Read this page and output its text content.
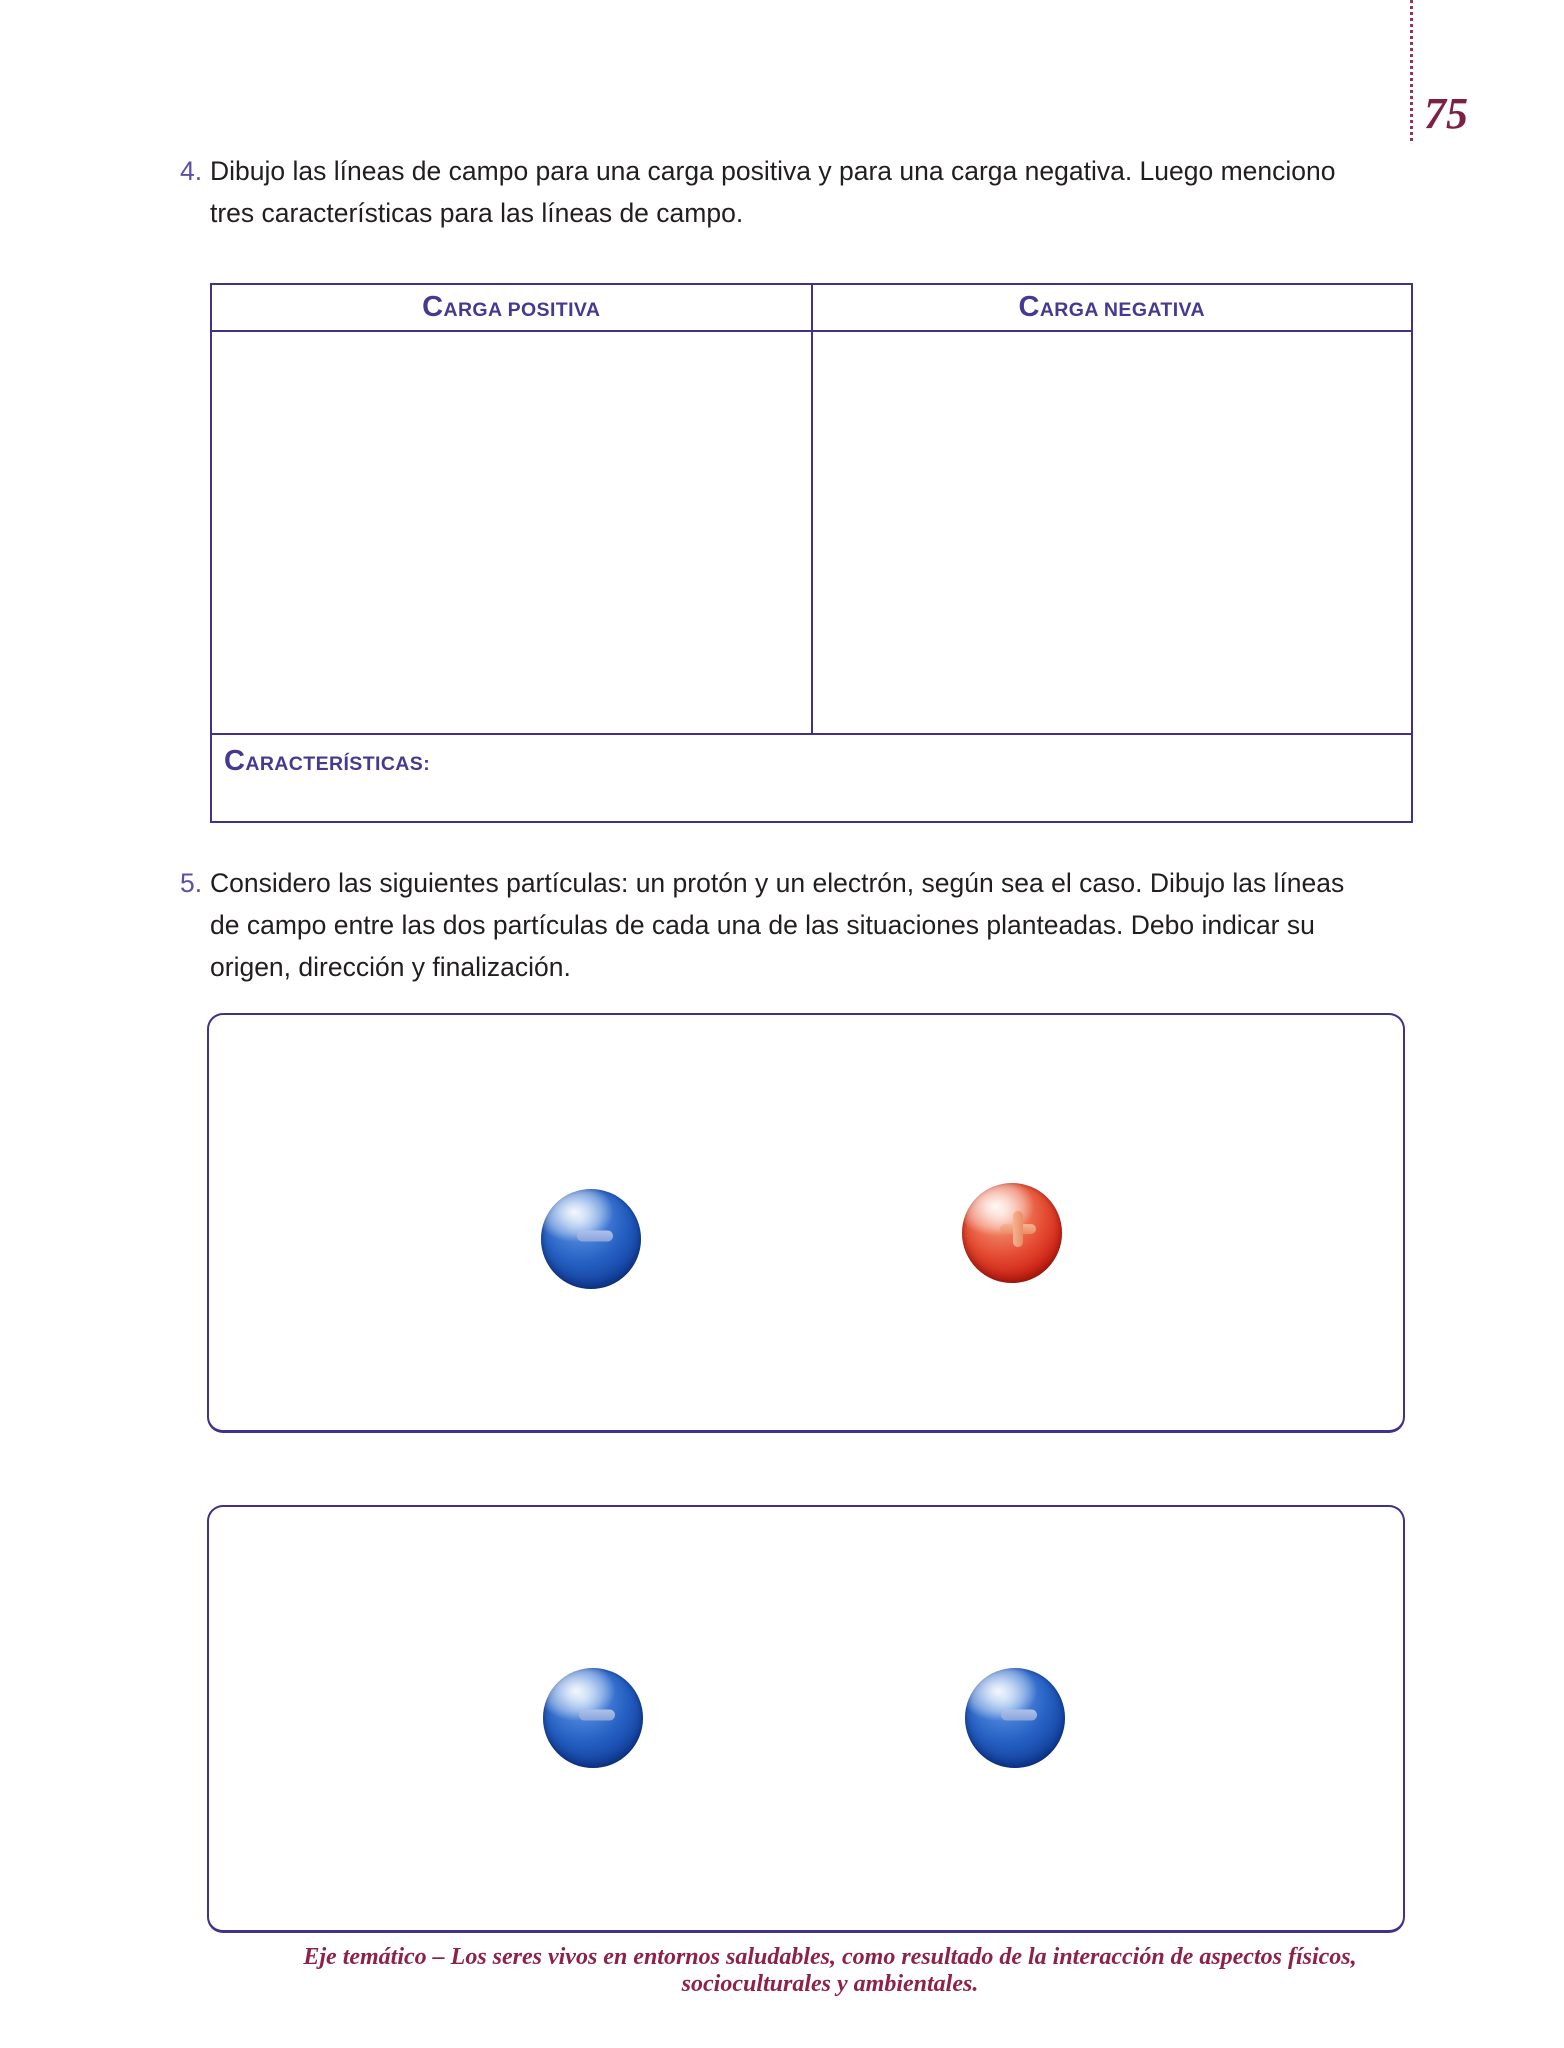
75
4. Dibujo las líneas de campo para una carga positiva y para una carga negativa. Luego menciono
tres características para las líneas de campo.
CARGA POSITIVA	CARGA NEGATIVA
CARACTERÍSTICAS:
5. Considero las siguientes partículas: un protón y un electrón, según sea el caso. Dibujo las líneas
de campo entre las dos partículas de cada una de las situaciones planteadas. Debo indicar su
origen, dirección y finalización.
Eje temático – Los seres vivos en entornos saludables, como resultado de la interacción de aspectos físicos, socioculturales y ambientales.
